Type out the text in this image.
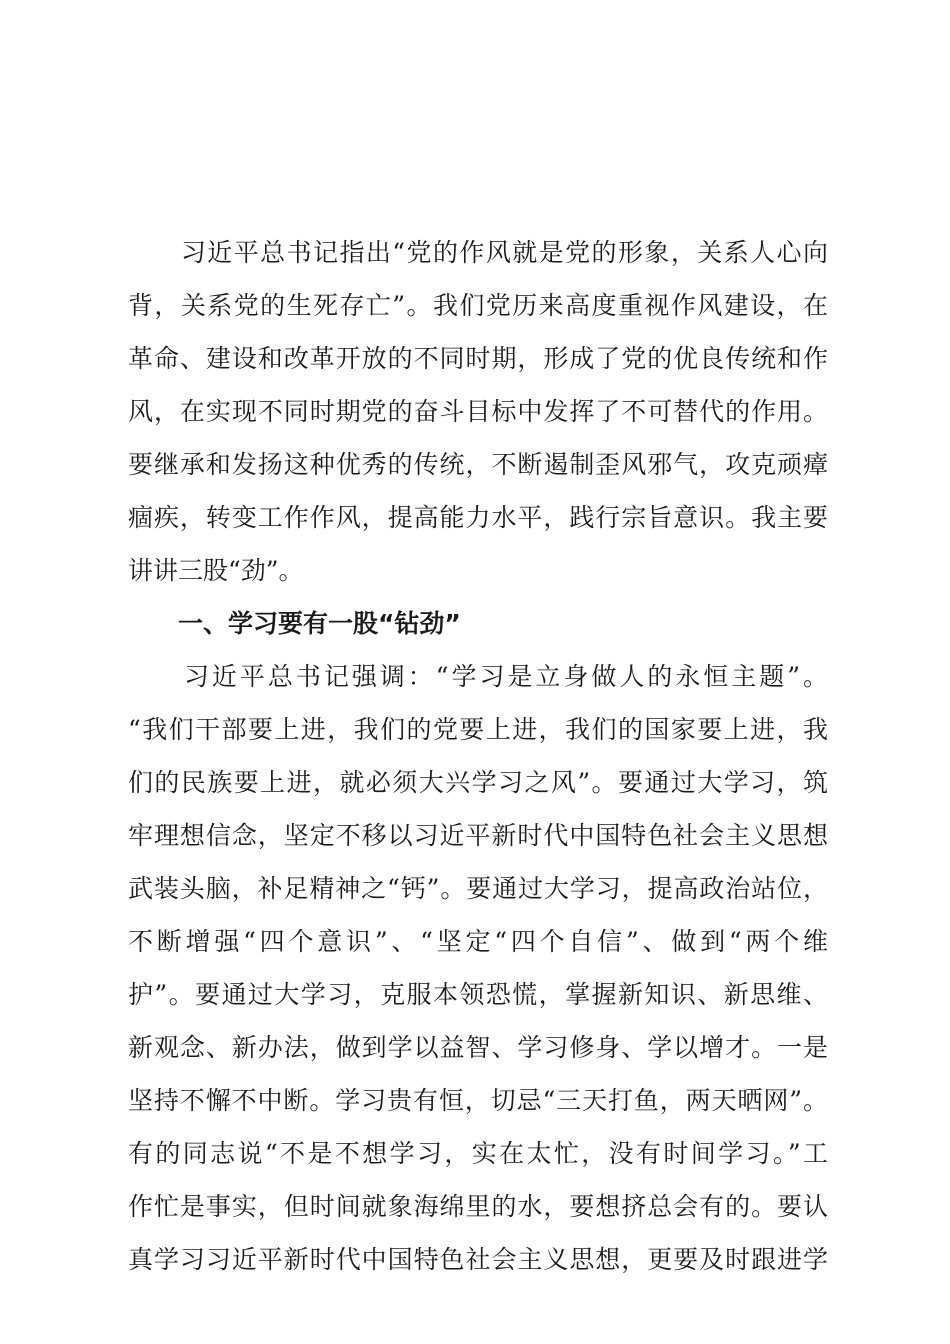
　　习近平总书记指出“党的作风就是党的形象，关系人心向
背，关系党的生死存亡”。我们党历来高度重视作风建设，在
革命、建设和改革开放的不同时期，形成了党的优良传统和作
风，在实现不同时期党的奋斗目标中发挥了不可替代的作用。
要继承和发扬这种优秀的传统，不断遏制歪风邪气，攻克顽瘴
痼疾，转变工作作风，提高能力水平，践行宗旨意识。我主要
讲讲三股“劲”。
　　一、学习要有一股“钻劲”
　　习近平总书记强调：“学习是立身做人的永恒主题”。
“我们干部要上进，我们的党要上进，我们的国家要上进，我
们的民族要上进，就必须大兴学习之风”。要通过大学习，筑
牢理想信念，坚定不移以习近平新时代中国特色社会主义思想
武装头脑，补足精神之“钙”。要通过大学习，提高政治站位，
不断增强“四个意识”、“坚定“四个自信”、做到“两个维
护”。要通过大学习，克服本领恐慌，掌握新知识、新思维、
新观念、新办法，做到学以益智、学习修身、学以增才。一是
坚持不懈不中断。学习贵有恒，切忌“三天打鱼，两天晒网”。
有的同志说“不是不想学习，实在太忙，没有时间学习。”工
作忙是事实，但时间就象海绵里的水，要想挤总会有的。要认
真学习习近平新时代中国特色社会主义思想，更要及时跟进学
